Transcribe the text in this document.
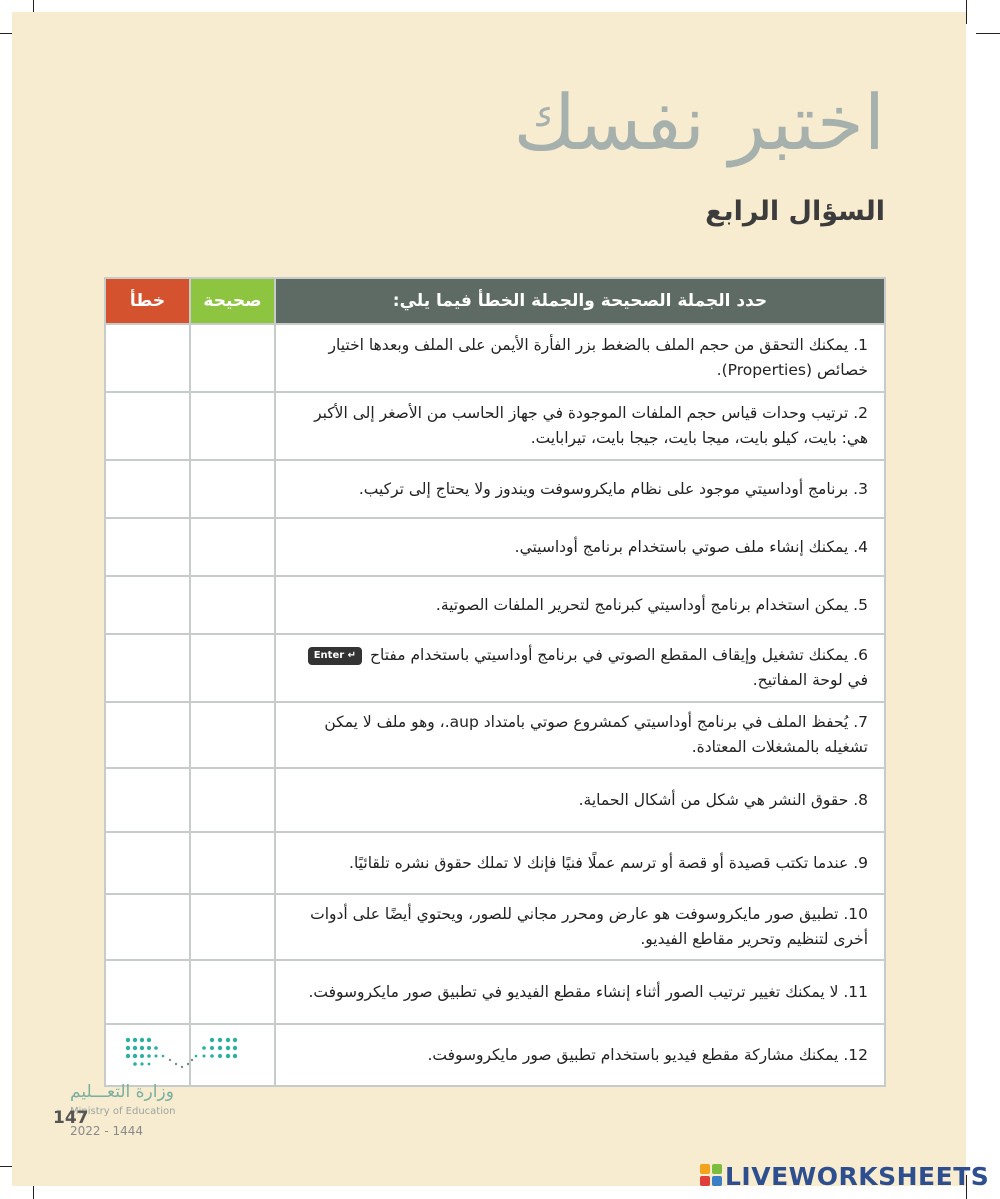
اختبر نفسك
السؤال الرابع
خطأ	صحيحة	حدد الجملة الصحيحة والجملة الخطأ فيما يلي:
		1. يمكنك التحقق من حجم الملف بالضغط بزر الفأرة الأيمن على الملف وبعدها اختيار خصائص (Properties).
		2. ترتيب وحدات قياس حجم الملفات الموجودة في جهاز الحاسب من الأصغر إلى الأكبر هي: بايت، كيلو بايت، ميجا بايت، جيجا بايت، تيرابايت.
		3. برنامج أوداسيتي موجود على نظام مايكروسوفت ويندوز ولا يحتاج إلى تركيب.
		4. يمكنك إنشاء ملف صوتي باستخدام برنامج أوداسيتي.
		5. يمكن استخدام برنامج أوداسيتي كبرنامج لتحرير الملفات الصوتية.
		6. يمكنك تشغيل وإيقاف المقطع الصوتي في برنامج أوداسيتي باستخدام مفتاح Enter ↵ في لوحة المفاتيح.
		7. يُحفظ الملف في برنامج أوداسيتي كمشروع صوتي بامتداد aup.، وهو ملف لا يمكن تشغيله بالمشغلات المعتادة.
		8. حقوق النشر هي شكل من أشكال الحماية.
		9. عندما تكتب قصيدة أو قصة أو ترسم عملًا فنيًا فإنك لا تملك حقوق نشره تلقائيًا.
		10. تطبيق صور مايكروسوفت هو عارض ومحرر مجاني للصور، ويحتوي أيضًا على أدوات أخرى لتنظيم وتحرير مقاطع الفيديو.
		11. لا يمكنك تغيير ترتيب الصور أثناء إنشاء مقطع الفيديو في تطبيق صور مايكروسوفت.
		12. يمكنك مشاركة مقطع فيديو باستخدام تطبيق صور مايكروسوفت.
وزارة التعـــليم
Ministry of Education
147
2022 - 1444
LIVEWORKSHEETS
